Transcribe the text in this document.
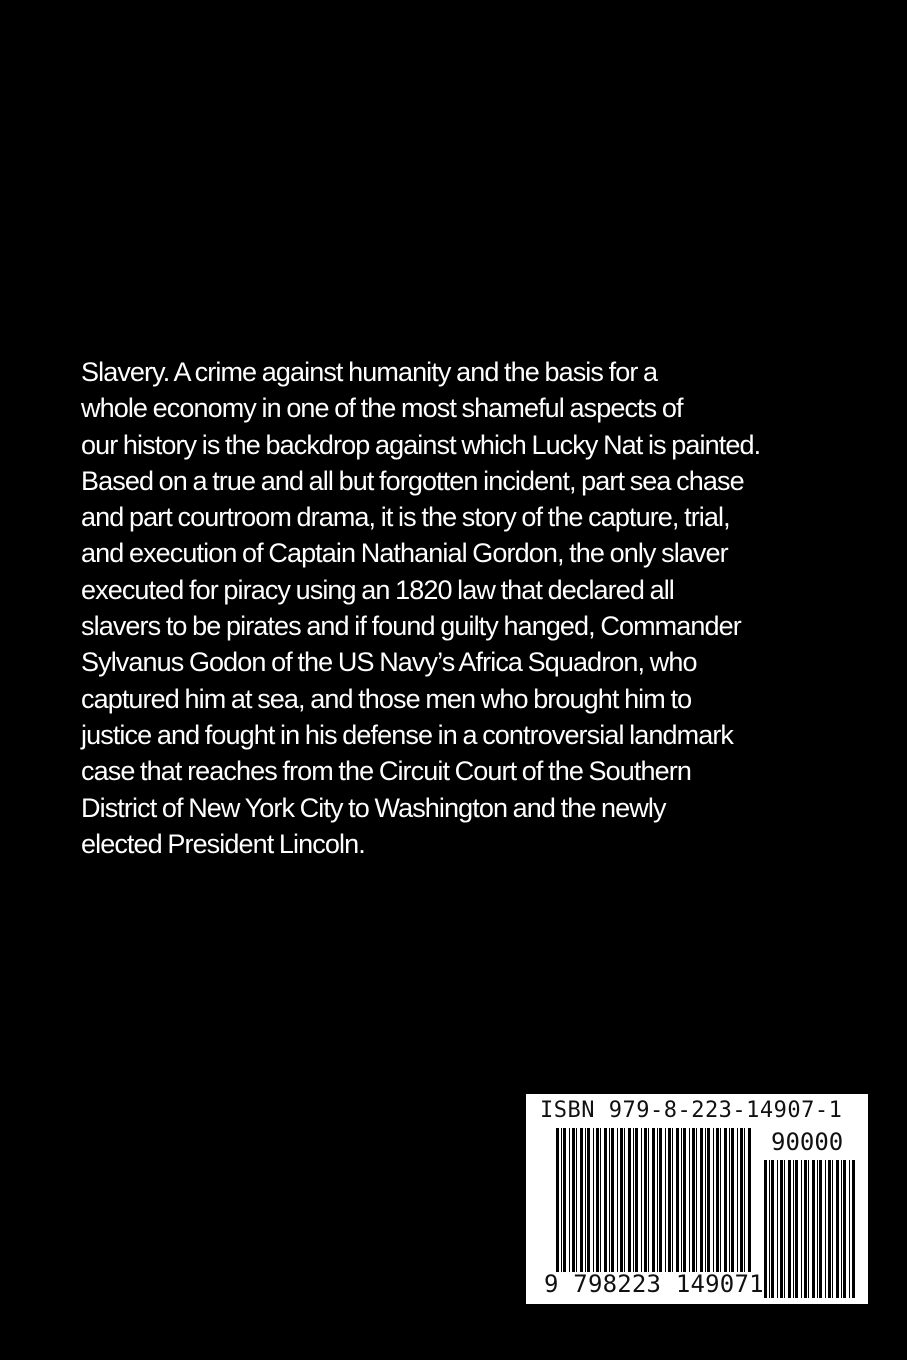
Slavery. A crime against humanity and the basis for a
whole economy in one of the most shameful aspects of
our history is the backdrop against which Lucky Nat is painted.
Based on a true and all but forgotten incident, part sea chase
and part courtroom drama, it is the story of the capture, trial,
and execution of Captain Nathanial Gordon, the only slaver
executed for piracy using an 1820 law that declared all
slavers to be pirates and if found guilty hanged, Commander
Sylvanus Godon of the US Navy’s Africa Squadron, who
captured him at sea, and those men who brought him to
justice and fought in his defense in a controversial landmark
case that reaches from the Circuit Court of the Southern
District of New York City to Washington and the newly
elected President Lincoln.

ISBN 979-8-223-14907-1

90000

9 798223 149071
